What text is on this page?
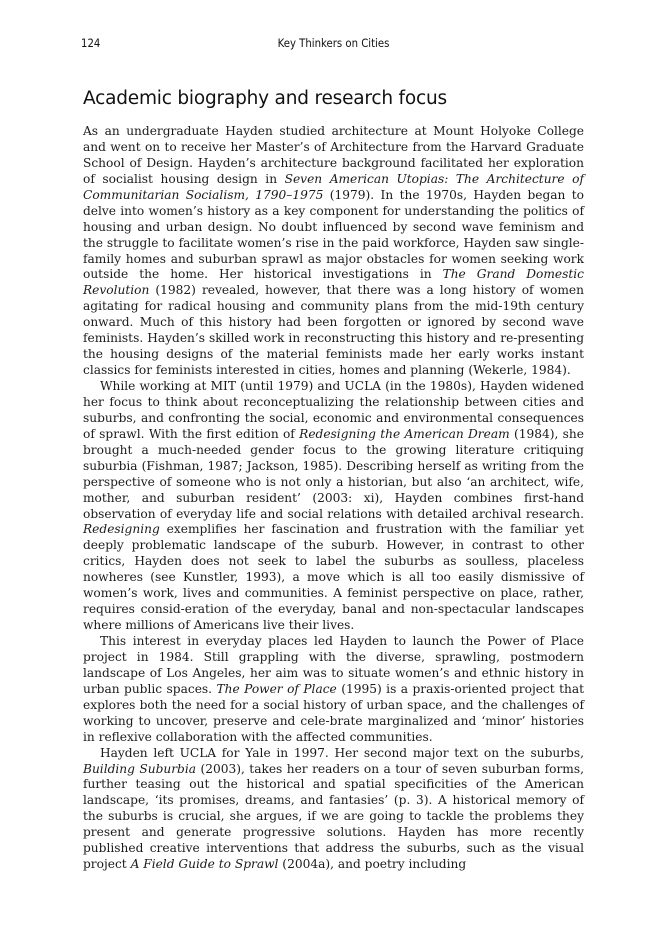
124	Key Thinkers on Cities
Academic biography and research focus

As an undergraduate Hayden studied architecture at Mount Holyoke College and went on to receive her Master’s of Architecture from the Harvard Graduate School of Design. Hayden’s architecture background facilitated her exploration of socialist housing design in Seven American Utopias: The Architecture of Communitarian Socialism, 1790–1975 (1979). In the 1970s, Hayden began to delve into women’s history as a key component for understanding the politics of housing and urban design. No doubt influenced by second wave feminism and the struggle to facilitate women’s rise in the paid workforce, Hayden saw single-family homes and suburban sprawl as major obstacles for women seeking work outside the home. Her historical investigations in The Grand Domestic Revolution (1982) revealed, however, that there was a long history of women agitating for radical housing and community plans from the mid-19th century onward. Much of this history had been forgotten or ignored by second wave feminists. Hayden’s skilled work in reconstructing this history and re-presenting the housing designs of the material feminists made her early works instant classics for feminists interested in cities, homes and planning (Wekerle, 1984).

While working at MIT (until 1979) and UCLA (in the 1980s), Hayden widened her focus to think about reconceptualizing the relationship between cities and suburbs, and confronting the social, economic and environmental consequences of sprawl. With the first edition of Redesigning the American Dream (1984), she brought a much-needed gender focus to the growing literature critiquing suburbia (Fishman, 1987; Jackson, 1985). Describing herself as writing from the perspective of someone who is not only a historian, but also ‘an architect, wife, mother, and suburban resident’ (2003: xi), Hayden combines first-hand observation of everyday life and social relations with detailed archival research. Redesigning exemplifies her fascination and frustration with the familiar yet deeply problematic landscape of the suburb. However, in contrast to other critics, Hayden does not seek to label the suburbs as soulless, placeless nowheres (see Kunstler, 1993), a move which is all too easily dismissive of women’s work, lives and communities. A feminist perspective on place, rather, requires consid-eration of the everyday, banal and non-spectacular landscapes where millions of Americans live their lives.

This interest in everyday places led Hayden to launch the Power of Place project in 1984. Still grappling with the diverse, sprawling, postmodern landscape of Los Angeles, her aim was to situate women’s and ethnic history in urban public spaces. The Power of Place (1995) is a praxis-oriented project that explores both the need for a social history of urban space, and the challenges of working to uncover, preserve and cele-brate marginalized and ‘minor’ histories in reflexive collaboration with the affected communities.

Hayden left UCLA for Yale in 1997. Her second major text on the suburbs, Building Suburbia (2003), takes her readers on a tour of seven suburban forms, further teasing out the historical and spatial specificities of the American landscape, ‘its promises, dreams, and fantasies’ (p. 3). A historical memory of the suburbs is crucial, she argues, if we are going to tackle the problems they present and generate progressive solutions. Hayden has more recently published creative interventions that address the suburbs, such as the visual project A Field Guide to Sprawl (2004a), and poetry including
